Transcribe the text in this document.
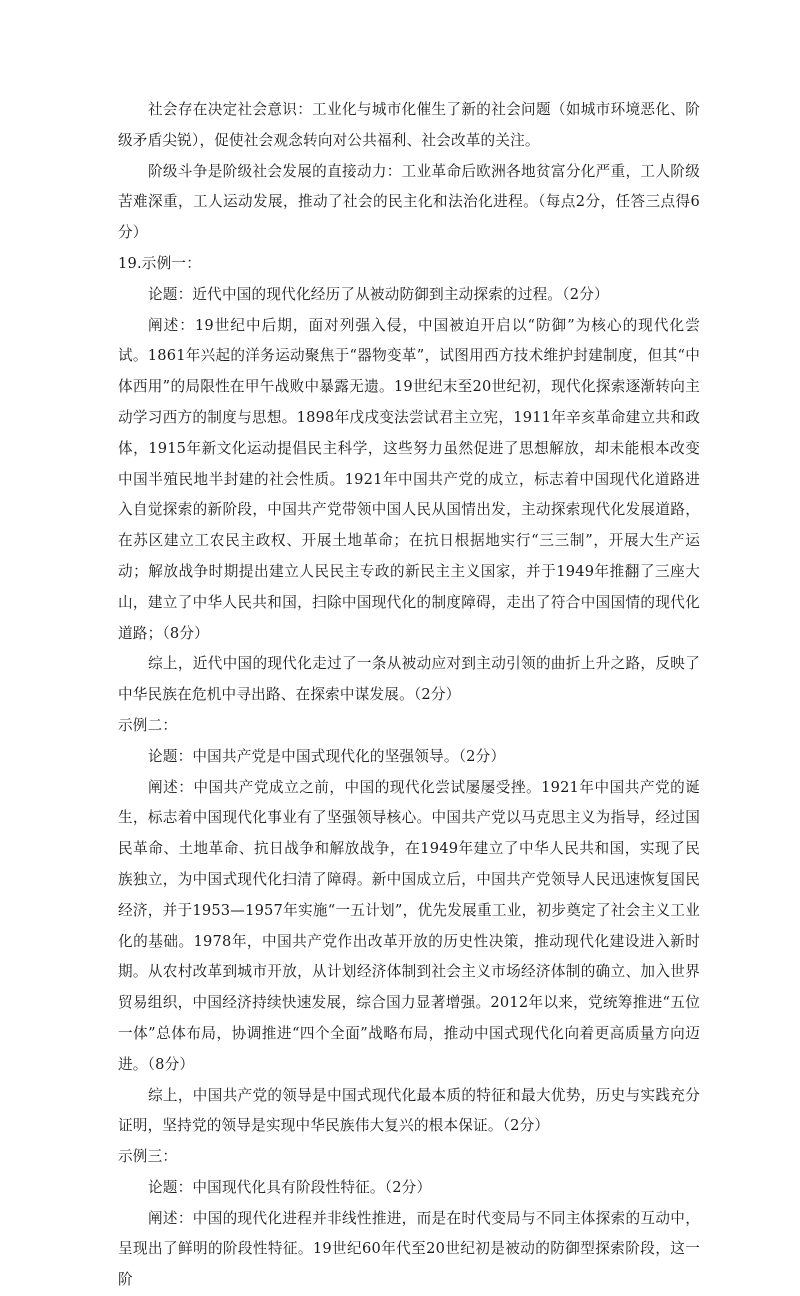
社会存在决定社会意识：工业化与城市化催生了新的社会问题（如城市环境恶化、阶级矛盾尖锐），促使社会观念转向对公共福利、社会改革的关注。

阶级斗争是阶级社会发展的直接动力：工业革命后欧洲各地贫富分化严重，工人阶级苦难深重，工人运动发展，推动了社会的民主化和法治化进程。（每点2分，任答三点得6分）

19.示例一：

论题：近代中国的现代化经历了从被动防御到主动探索的过程。（2分）

阐述：19世纪中后期，面对列强入侵，中国被迫开启以“防御”为核心的现代化尝试。1861年兴起的洋务运动聚焦于“器物变革”，试图用西方技术维护封建制度，但其“中体西用”的局限性在甲午战败中暴露无遗。19世纪末至20世纪初，现代化探索逐渐转向主动学习西方的制度与思想。1898年戊戌变法尝试君主立宪，1911年辛亥革命建立共和政体，1915年新文化运动提倡民主科学，这些努力虽然促进了思想解放，却未能根本改变中国半殖民地半封建的社会性质。1921年中国共产党的成立，标志着中国现代化道路进入自觉探索的新阶段，中国共产党带领中国人民从国情出发，主动探索现代化发展道路，在苏区建立工农民主政权、开展土地革命；在抗日根据地实行“三三制”，开展大生产运动；解放战争时期提出建立人民民主专政的新民主主义国家，并于1949年推翻了三座大山，建立了中华人民共和国，扫除中国现代化的制度障碍，走出了符合中国国情的现代化道路；（8分）

综上，近代中国的现代化走过了一条从被动应对到主动引领的曲折上升之路，反映了中华民族在危机中寻出路、在探索中谋发展。（2分）

示例二：

论题：中国共产党是中国式现代化的坚强领导。（2分）

阐述：中国共产党成立之前，中国的现代化尝试屡屡受挫。1921年中国共产党的诞生，标志着中国现代化事业有了坚强领导核心。中国共产党以马克思主义为指导，经过国民革命、土地革命、抗日战争和解放战争，在1949年建立了中华人民共和国，实现了民族独立，为中国式现代化扫清了障碍。新中国成立后，中国共产党领导人民迅速恢复国民经济，并于1953—1957年实施“一五计划”，优先发展重工业，初步奠定了社会主义工业化的基础。1978年，中国共产党作出改革开放的历史性决策，推动现代化建设进入新时期。从农村改革到城市开放，从计划经济体制到社会主义市场经济体制的确立、加入世界贸易组织，中国经济持续快速发展，综合国力显著增强。2012年以来，党统筹推进“五位一体”总体布局，协调推进“四个全面”战略布局，推动中国式现代化向着更高质量方向迈进。（8分）

综上，中国共产党的领导是中国式现代化最本质的特征和最大优势，历史与实践充分证明，坚持党的领导是实现中华民族伟大复兴的根本保证。（2分）

示例三：

论题：中国现代化具有阶段性特征。（2分）

阐述：中国的现代化进程并非线性推进，而是在时代变局与不同主体探索的互动中，呈现出了鲜明的阶段性特征。19世纪60年代至20世纪初是被动的防御型探索阶段，这一阶
